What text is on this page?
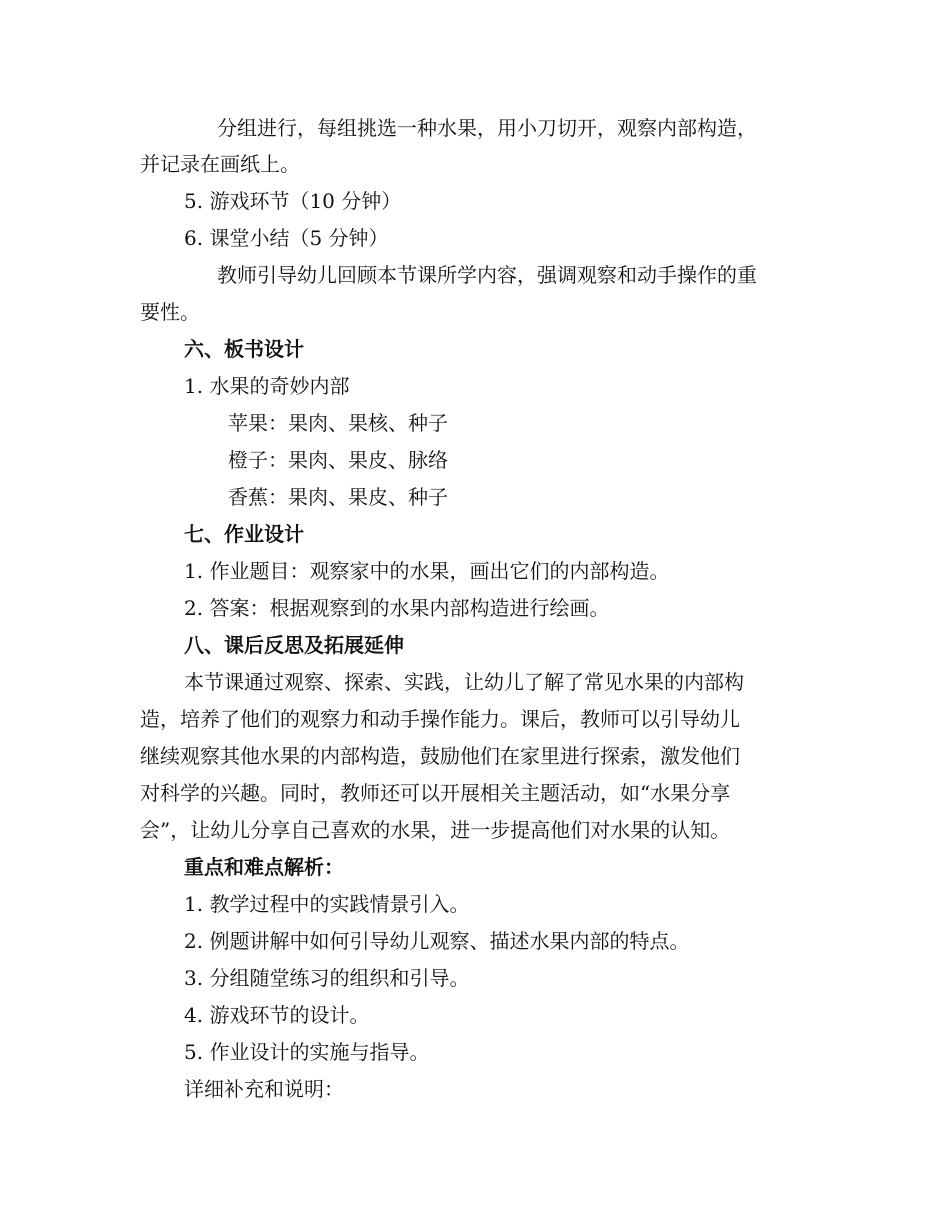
分组进行，每组挑选一种水果，用小刀切开，观察内部构造，
并记录在画纸上。
5. 游戏环节（10 分钟）
6. 课堂小结（5 分钟）
教师引导幼儿回顾本节课所学内容，强调观察和动手操作的重
要性。
六、板书设计
1. 水果的奇妙内部
苹果：果肉、果核、种子
橙子：果肉、果皮、脉络
香蕉：果肉、果皮、种子
七、作业设计
1. 作业题目：观察家中的水果，画出它们的内部构造。
2. 答案：根据观察到的水果内部构造进行绘画。
八、课后反思及拓展延伸
本节课通过观察、探索、实践，让幼儿了解了常见水果的内部构
造，培养了他们的观察力和动手操作能力。课后，教师可以引导幼儿
继续观察其他水果的内部构造，鼓励他们在家里进行探索，激发他们
对科学的兴趣。同时，教师还可以开展相关主题活动，如“水果分享
会”，让幼儿分享自己喜欢的水果，进一步提高他们对水果的认知。
重点和难点解析：
1. 教学过程中的实践情景引入。
2. 例题讲解中如何引导幼儿观察、描述水果内部的特点。
3. 分组随堂练习的组织和引导。
4. 游戏环节的设计。
5. 作业设计的实施与指导。
详细补充和说明：
